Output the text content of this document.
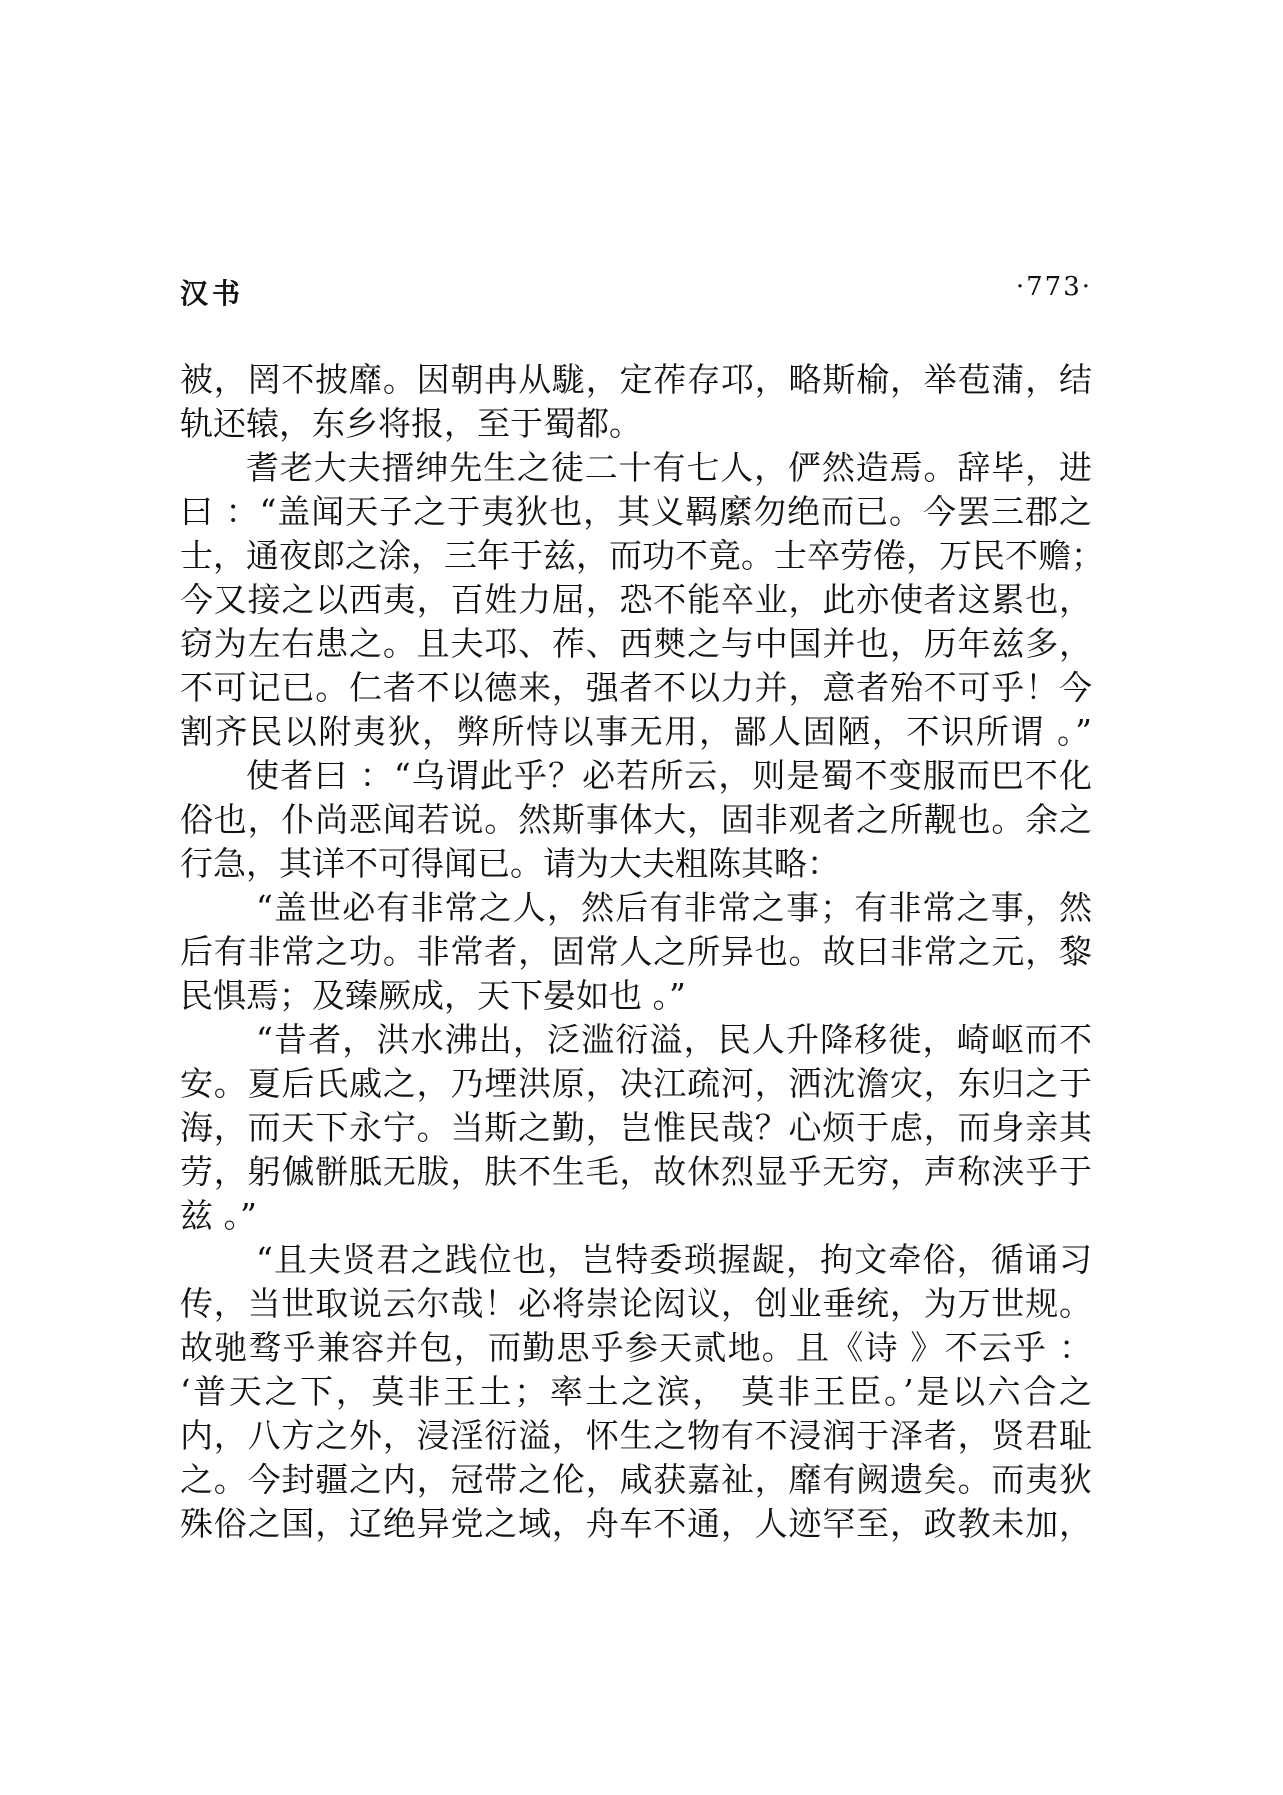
汉书	·773·
被，罔不披靡。因朝冉从駹，定莋存邛，略斯榆，举苞蒲，结
轨还辕，东乡将报，至于蜀都。
耆老大夫搢绅先生之徒二十有七人，俨然造焉。辞毕，进
曰 ：“盖闻天子之于夷狄也，其义羁縻勿绝而已。今罢三郡之
士，通夜郎之涂，三年于兹，而功不竟。士卒劳倦，万民不赡；
今又接之以西夷，百姓力屈，恐不能卒业，此亦使者这累也，
窃为左右患之。且夫邛、莋、西僰之与中国并也，历年兹多，
不可记已。仁者不以德来，强者不以力并，意者殆不可乎！今
割齐民以附夷狄，弊所恃以事无用，鄙人固陋，不识所谓 。”
使者曰 ：“乌谓此乎？必若所云，则是蜀不变服而巴不化
俗也，仆尚恶闻若说。然斯事体大，固非观者之所觏也。余之
行急，其详不可得闻已。请为大夫粗陈其略：
“盖世必有非常之人，然后有非常之事；有非常之事，然
后有非常之功。非常者，固常人之所异也。故曰非常之元，黎
民惧焉；及臻厥成，天下晏如也 。”
“昔者，洪水沸出，泛滥衍溢，民人升降移徙，崎岖而不
安。夏后氏戚之，乃堙洪原，决江疏河，洒沈澹灾，东归之于
海，而天下永宁。当斯之勤，岂惟民哉？心烦于虑，而身亲其
劳，躬傶骿胝无胈，肤不生毛，故休烈显乎无穷，声称浃乎于
兹 。”
“且夫贤君之践位也，岂特委琐握龊，拘文牵俗，循诵习
传，当世取说云尔哉！必将崇论闳议，创业垂统，为万世规。
故驰骛乎兼容并包，而勤思乎参天贰地。且《诗 》不云乎 ：
‘普天之下，莫非王土；率土之滨， 莫非王臣。’是以六合之
内，八方之外，浸淫衍溢，怀生之物有不浸润于泽者，贤君耻
之。今封疆之内，冠带之伦，咸获嘉祉，靡有阙遗矣。而夷狄
殊俗之国，辽绝异党之域，舟车不通，人迹罕至，政教未加，
